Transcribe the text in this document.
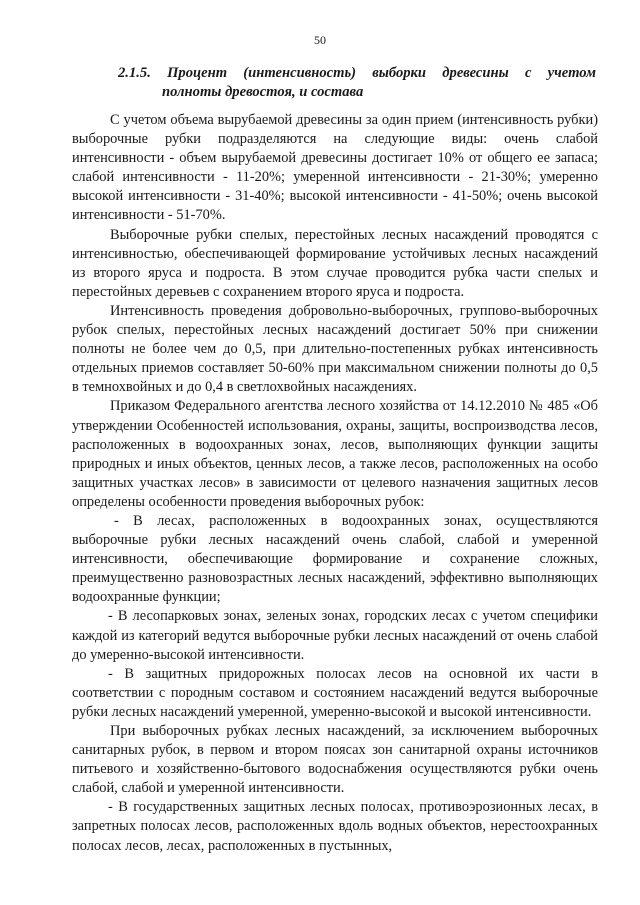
50
2.1.5. Процент (интенсивность) выборки древесины с учетом
полноты древостоя, и состава

С учетом объема вырубаемой древесины за один прием (интенсивность рубки) выборочные рубки подразделяются на следующие виды: очень слабой интенсивности - объем вырубаемой древесины достигает 10% от общего ее запаса; слабой интенсивности - 11-20%; умеренной интенсивности - 21-30%; умеренно высокой интенсивности - 31-40%; высокой интенсивности - 41-50%; очень высокой интенсивности - 51-70%.

Выборочные рубки спелых, перестойных лесных насаждений проводятся с интенсивностью, обеспечивающей формирование устойчивых лесных насаждений из второго яруса и подроста. В этом случае проводится рубка части спелых и перестойных деревьев с сохранением второго яруса и подроста.

Интенсивность проведения добровольно-выборочных, группово-выборочных рубок спелых, перестойных лесных насаждений достигает 50% при снижении полноты не более чем до 0,5, при длительно-постепенных рубках интенсивность отдельных приемов составляет 50-60% при максимальном снижении полноты до 0,5 в темнохвойных и до 0,4 в светлохвойных насаждениях.

Приказом Федерального агентства лесного хозяйства от 14.12.2010 № 485 «Об утверждении Особенностей использования, охраны, защиты, воспроизводства лесов, расположенных в водоохранных зонах, лесов, выполняющих функции защиты природных и иных объектов, ценных лесов, а также лесов, расположенных на особо защитных участках лесов» в зависимости от целевого назначения защитных лесов определены особенности проведения выборочных рубок:

- В лесах, расположенных в водоохранных зонах, осуществляются выборочные рубки лесных насаждений очень слабой, слабой и умеренной интенсивности, обеспечивающие формирование и сохранение сложных, преимущественно разновозрастных лесных насаждений, эффективно выполняющих водоохранные функции;

- В лесопарковых зонах, зеленых зонах, городских лесах с учетом специфики каждой из категорий ведутся выборочные рубки лесных насаждений от очень слабой до умеренно-высокой интенсивности.

- В защитных придорожных полосах лесов на основной их части в соответствии с породным составом и состоянием насаждений ведутся выборочные рубки лесных насаждений умеренной, умеренно-высокой и высокой интенсивности.

При выборочных рубках лесных насаждений, за исключением выборочных санитарных рубок, в первом и втором поясах зон санитарной охраны источников питьевого и хозяйственно-бытового водоснабжения осуществляются рубки очень слабой, слабой и умеренной интенсивности.

- В государственных защитных лесных полосах, противоэрозионных лесах, в запретных полосах лесов, расположенных вдоль водных объектов, нерестоохранных полосах лесов, лесах, расположенных в пустынных,
